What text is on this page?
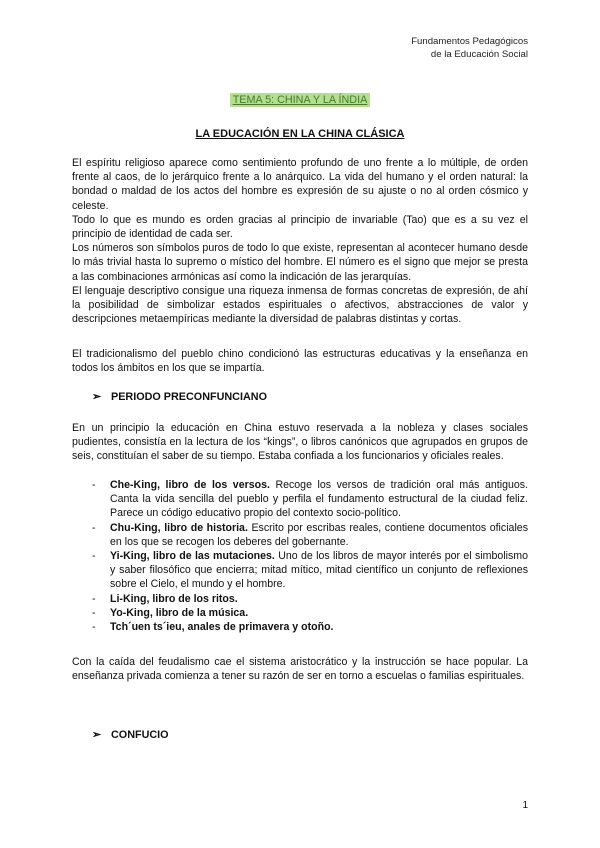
Fundamentos Pedagógicos
de la Educación Social
TEMA 5: CHINA Y LA ÍNDIA
LA EDUCACIÓN EN LA CHINA CLÁSICA

El espíritu religioso aparece como sentimiento profundo de uno frente a lo múltiple, de orden frente al caos, de lo jerárquico frente a lo anárquico. La vida del humano y el orden natural: la bondad o maldad de los actos del hombre es expresión de su ajuste o no al orden cósmico y celeste.

Todo lo que es mundo es orden gracias al principio de invariable (Tao) que es a su vez el principio de identidad de cada ser.

Los números son símbolos puros de todo lo que existe, representan al acontecer humano desde lo más trivial hasta lo supremo o místico del hombre. El número es el signo que mejor se presta a las combinaciones armónicas así como la indicación de las jerarquías.

El lenguaje descriptivo consigue una riqueza inmensa de formas concretas de expresión, de ahí la posibilidad de simbolizar estados espirituales o afectivos, abstracciones de valor y descripciones metaempíricas mediante la diversidad de palabras distintas y cortas.

El tradicionalismo del pueblo chino condicionó las estructuras educativas y la enseñanza en todos los ámbitos en los que se impartía.
➢ PERIODO PRECONFUNCIANO
En un principio la educación en China estuvo reservada a la nobleza y clases sociales pudientes, consistía en la lectura de los “kings”, o libros canónicos que agrupados en grupos de seis, constituían el saber de su tiempo. Estaba confiada a los funcionarios y oficiales reales.
- Che-King, libro de los versos. Recoge los versos de tradición oral más antiguos. Canta la vida sencilla del pueblo y perfila el fundamento estructural de la ciudad feliz. Parece un código educativo propio del contexto socio-político.
- Chu-King, libro de historia. Escrito por escribas reales, contiene documentos oficiales en los que se recogen los deberes del gobernante.
- Yi-King, libro de las mutaciones. Uno de los libros de mayor interés por el simbolismo y saber filosófico que encierra; mitad mítico, mitad científico un conjunto de reflexiones sobre el Cielo, el mundo y el hombre.
- Li-King, libro de los ritos.
- Yo-King, libro de la música.
- Tch´uen ts´ieu, anales de primavera y otoño.
Con la caída del feudalismo cae el sistema aristocrático y la instrucción se hace popular. La enseñanza privada comienza a tener su razón de ser en torno a escuelas o familias espirituales.
➢ CONFUCIO
1
